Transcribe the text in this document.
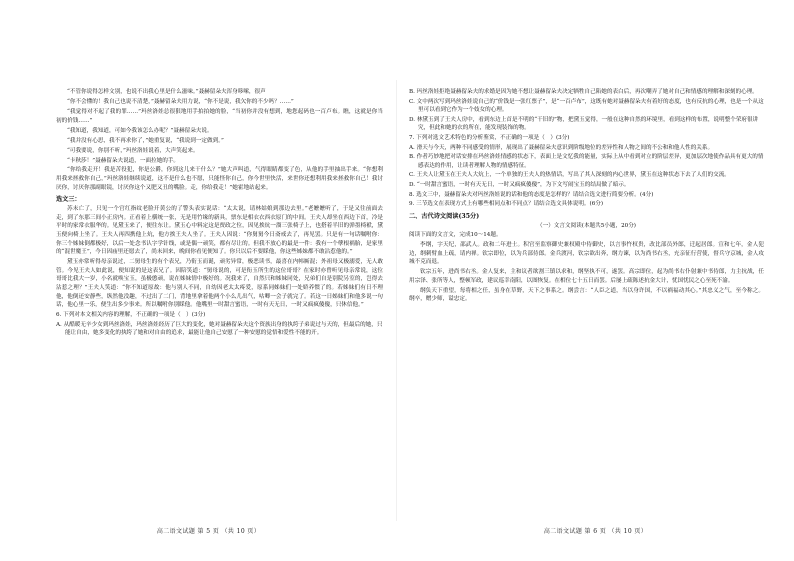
“不管你说得怎样文别，也说不出我心里是什么滋味。”聂赫留朵夫浑身哆嗦，很声

“你不会懂的！我自己也说不清楚，”聂赫留朵夫用力说，“你不是说，我欠你的不少吗？……”

“我觉得对不起了我的罪……”玛丝洛娃总很狠地用手拍拍她的脸，“当初你并没有想到，地您起码也一百卢布。瞧，这就是你当初的价钱……”

“我知道，我知道，可如今我该怎么办呢？”聂赫留朵夫说。

“我并没有心思，我不再求你了，”她重复说，“我说到一定做到。”

“可我要说，你别不听，”玛丝洛娃说着，大声笑起来。

“卡秋莎！”聂赫留朵夫说道，一面拉她的手。

“你给我走开！我是苦役犯，你是公爵，你到这儿来干什么？”她大声叫道，气得眼睛都变了色，从他的手里抽出手来。“你想利用我来拯救你自己，”玛丝洛娃继续说道，这不是什么也不愿，只能怪你自己，你今世里快活，来世你还想利用我来拯救你自己！我讨厌你，讨厌你那副眼镜，讨厌你这个又肥又丑的嘴脸。走，你给我走！”她霍地站起来。

选文三：

苏未亡了，只见一个官红指纹老脸开黄公的了警头表实说话：“太太说，请林姑娘到那边去里。”老嬷嬷听了，于是又往前面去走，到了东那三间小正房内。正看着上横统一张，无是用竹缘的新具，票东是相衣衣西衣原门的中间。王夫人却坐在西边下首，冷是平时的家常衣服华的。见黛玉来了，便往东让。黛玉心中料定这是贾政之位，因见挨炕一溜三张椅子上，也搭着半旧的弹墨椅袱，黛玉便向椅上坐了。王夫人再四携他上炕，他方挨王夫人坐了。王夫人因说：“你舅舅今日斋戒去了，再见罢。只是有一句话嘱咐你：你三个姊妹倒都极好，以后一处念书认字学针线，或是偶一顽笑，都有尽让的。但我不放心的最是一件：我有一个孽根祸胎，是家里的“混世魔王”，今日因庙里还愿去了，尚未回来，晚间你看见便知了。你只以后不要睬他，你这些姊妹都不敢沾惹他的。”

黛玉亦常听得母亲说过，二舅母生的有个表兄，乃衔玉而诞，顽劣异常，极恶读书，最喜在内帏厮混；外祖母又极溺爱，无人敢管。今见王夫人如此说，便知说的是这表兄了。因陪笑道：“舅母说的，可是衔玉所生的这位哥哥？在家时亦曾听见母亲常说，这位哥哥比我大一岁，小名就唤宝玉，虽极憨顽，说在姊妹情中极好的。况我来了，自然只和姊妹同处，兄弟们自是别院另室的，岂得去沾惹之理？”王夫人笑道：“你不知道原故：他与别人不同，自幼因老太太疼爱，原系同姊妹们一处娇养惯了的。若姊妹们有日不理他，他倒还安静些，纵然他没趣，不过出了二门，背地里拿着他两个小么儿出气，咕唧一会子就完了。若这一日姊妹们和他多说一句话，他心里一乐，便生出多少事来。所以嘱咐你别睬他。他嘴里一时甜言蜜语，一时有天无日，一时又疯疯傻傻，只休信他。”

6. 下列对本文相关内容的理解，不正确的一项是（　）(3分)

A. 从酷暖无辛少女到玛丝洛娃，玛丝洛娃经历了巨大的变化，她对聂赫留朵夫这个资族出身的执绔子弟说过与天的，但最后的她，只能让自由，她多变化的执绔了她和对自由的追求，最能让他自己安慰了一种安慰的觉悟和爱性不能的开。

高二语文试题 第 5 页 （共 10 页）

B. 玛丝洛娃拒绝聂赫留朵夫的求婚是因为她不想让聂赫留朵夫决定牺牲自己陷她的表白后，再次嘲弄了她对自己和情感的理解和深刻的心理。

C. 文中两次写到玛丝洛娃说自己的“价钱是一张红票子”，是“一百卢布”，这既有她对聂赫留朵夫有着好的态度，也有反抗的心理，也是一个从这里可以看到它作为一个妓女的心理。

D. 林黛玉到了王夫人房中，看到东边上首是不明的“干旧的”物，把黛玉觉得，一般在这种自然的环境里，看到这样的布置，说明整个荣府很讲究，但此和她的衣的所在，能发现装饰的物。

7. 下列对选文艺术特色的分析鉴赏，不正确的一项是（　）(3分)

A. 滑天与今天，两种不同感受的情形，展现出了聂赫留朵夫意识到阶级地位的差异性和人物之间的不公和和他人性的关系。

B. 作者巧妙地把对话安排在玛丝洛娃情感的状态下，表面上是文忆我的能量，实际上从中看到对立的阶层差异，更加层次地使作品具有更大的情感表达的作用，让读者理解人物的情感特征。

C. 王夫人让黛玉在王夫人大炕上，一个单独的王夫人的热情话，写出了其人深刻的内心世界，黛玉在这种状态下去了人们的交流。

D. “一时甜言蜜语，一时有天无日，一时又疯疯傻傻”，为下文写闹宝玉的结局做了暗示。

8. 选文三中，聂赫留朵夫对玛丝洛娃说的话和他的态度是怎样的？请结合选文进行简要分析。(4分)

9. 三节选文在表现方式上有哪些相同点和不同点？请结合选文具体说明。(6分)

二、古代诗文阅读(35分)

（一）文言文阅读(本题共5小题，20分)

阅读下面的文言文，完成10～14题。

李纲，字天纪，邵武人。政和二年进士。积官至监察御史兼权殿中侍御史，以言事忤权贵，改比部员外郎，迁起居郎。宣和七年，金人犯边，纲刺臂血上疏，请内禅。钦宗即位，以为兵部侍郎。金兵渡河，钦宗欲出奔，纲力谏，以为尚书右丞，充亲征行营使，督兵守京城，金人攻城不克而退。

钦宗五年，进尚书右丞。金人复来，主和议者欲割三镇以求和，纲坚执不可，遂罢。高宗即位，起为尚书右仆射兼中书侍郎，力主抗战，任用宗泽、张所等人，整顿军政，建议巡幸南阳，以图恢复。在相位七十五日而罢。后屡上疏陈述抗金大计，忧国忧民之心至死不渝。

纲负天下重望，每将相之任，虽身在草野，天下之事系之。纲尝言：“人臣之道，当以身许国，不以祸福动其心。”其忠义之气，至今称之。纲卒，赠少师，谥忠定。

高二语文试题 第 6 页 （共 10 页）
